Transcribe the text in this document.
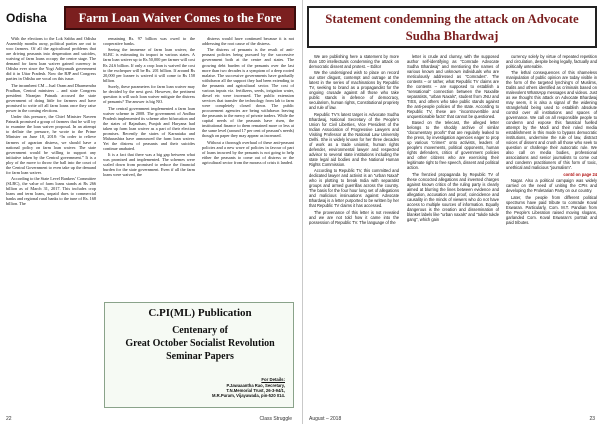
Odisha	Farm Loan Waiver Comes to the Fore

With the elections to the Lok Sabha and Odisha Assembly months away, political parties are out to woo farmers. Of all the agricultural problems that are driving peasants into desperation and suicides, waiving of farm loans occupy the centre stage. The demand for farm loan waiver gained currency in Odisha ever since the Yogi Adityanath government did it in Uttar Pradesh. Now the BJP and Congress parties in Odisha are vocal on this issue.

The incumbent CM – Jual Oram and Dharmendra Pradhan, Central ministers – and state Congress president Niranjan Patnaik accused the state government of doing little for farmers and have promised to write off all farm loans once they raise power in the coming elections.

Under this pressure, the Chief Minister Naveen Patnaik promised a group of farmers that he will try to examine the loan waiver proposal. In an attempt to deflate the pressure, he wrote to the Prime Minister on June 18, 2018: “In order to relieve farmers of agrarian distress, we should have a national policy on farm loan waiver. The state government would be willing to support any initiative taken by the Central government.” It is a ploy of the move to throw the ball into the court of the Central Government to even take up the demand for farm loan waiver.

According to the State Level Bankers’ Committee (SLBC), the value of farm loans stands at Rs 266 billion as of March 31, 2017. This includes crop loans and term loans, unpaid dues to commercial banks and regional rural banks to the tune of Rs. 168 billion. The

remaining Rs. 97 billion was owed to the cooperative banks.

Seeing the immense of farm loan waiver, the SLBC is estimating its impact in various states. A farm loan waiver up to Rs 50,000 per farmer will cost Rs 24.6 billion. If only a crop loan is waived the cost to the exchequer will be Rs. 201 billion. If around Rs 20,000 per loanee is waived it will come to Rs 158 billion.

Surely, these parameters for farm loan waiver may be decided by the next govt. However, the pertinent question is will such loan waiver mitigate the distress of peasants? The answer is big NO.

The central government implemented a farm loan waiver scheme in 2008. The government of Andhra Pradesh implemented its scheme after bifurcation and the states of Rajasthan, Punjab and Haryana had taken up farm loan waiver as a part of their election promises. Recently the states of Karnataka and Maharashtra have announced the farm loan waiver. Yet the distress of peasants and their suicides continue unabated.

It is a fact that there was a big gap between what was promised and implemented. The schemes were scaled down from promised to reduce the financial burden for the state government. Even if all the farm loans were waived, the

distress would have continued because it is not addressing the root cause of the distress.

The distress of peasants is the result of anti-peasant policies being pursued by the successive government both at the centre and states. The growing debt burden of the peasants over the last more than two decades is a symptom of a deep rooted malaise. The successive governments have gradually withdrawn all the support they had been extending to the peasants and agricultural sector. The cost of various inputs viz. fertilizers, seeds, irrigation water, diesel etc were increased. The public extension services that transfer the technology from lab to farm were completely closed down. The public procurement agencies are being withdrawn leaving the peasants to the mercy of private traders. While the capital needs of the peasants have risen, the institutional finance to them remained more or less at the same level (around 17 per cent of peasant’s needs) though on paper they may appear as increased.

Without a thorough overhaul of these anti-peasant policies and a new wave of policies in favour of part of loans incurred by the peasants is not going to help either the peasants to come out of distress or the agricultural sector from the morass of crisis it landed.

C.PI(ML) Publication
Centenary of
Great October Socialist Revolution
Seminar Papers
For Details:
P.Jawaaantha Rao, Secretary,
T.N.Memorial Trust, 26-3-94/1,
M.R.Puram, Vijayawada, pin-520 014.
22	Class Struggle
Statement condemning the attack on Advocate Sudha Bhardwaj

We are publishing here a statement by more than 100 intellectuals condemning the attack on democratic dissent and protest. – Editor

We the undersigned wish to place on record our utter disgust, contempt and outrage at the latest in the series of machinations by Republic TV, seeking to brand as a propagandist for the ongoing crusade against all those who take public stands in defence of democracy, secularism, human rights, Constitutional propriety and rule of law.

Republic TV’s latest target is Advocate Sudha Bhardwaj, National Secretary of the People’s Union for Civil Liberties, Vice President of the Indian Association of Progressive Lawyers and Visiting Professor at the National Law University Delhi. She is widely known for her three decades of work as a trade unionist, human rights defender, environmental lawyer and respected advisor to several state institutions including the state legal aid bodies and the National Human Rights Commission.

According to Republic TV, this committed and dedicated lawyer and activist is an “urban Naxal” who is plotting to break India with separatist groups and armed guerrillas across the country. The basis for the four hour long set of allegations and malicious insinuations against Advocate Bhardwaj is a letter purported to be written by her that Republic TV claims it has accessed.

The provenance of this letter is not revealed and we are not told how it came into the possession of Republic TV. The language of the

letter is crude and clumsy, with the supposed author self-identifying as “Comrade Advocate Sudha Bhardwaj” and mentioning the names of various known and unknown individuals who are meticulously addressed as “Comrades”. The contents – or rather, what Republic TV claims are the contents – are supposed to establish a “sensational” connection between the Naxalite separatists, “urban Naxals”, student from JNU and TISS, and others who take public stands against the anti-people policies of the state. According to Republic TV, these are “incontrovertible and unquestionable facts” that cannot be questioned.

Based on the telecast, the alleged letter belongs to the shoddy archive of similar “documentary proofs” that are regularly leaked to the press, by investigation agencies eager to prop up various “crimes” onto activists, leaders of people’s movements, political opponents, human rights defenders, critics of government policies and other citizens who are exercising their legitimate right to free speech, dissent and political action.

The frenzied propaganda by Republic TV of these concocted allegations and invented charges against known critics of the ruling party is clearly aimed at blurring the lines between evidence and allegation, accusation and proof, coincidence and causality in the minds of viewers who do not have access to multiple sources of information. Equally dangerous is the creation and dissemination of blanket labels like “urban naxals” and “tukde tukde gang”, which gain

currency solely by virtue of repeated repetition and circulation, despite being legally, factually and politically untenable.

The lethal consequences of this shameless manipulation of public opinion are today visible in the form of the targeted lynching’s of Muslims, Dalits and others identified as criminals based on malevolent WhatsApp messages and videos. Just as we thought this attack on Advocate Bhardwaj may seem, it is also a signal of the widening stranglehold being used to establish absolute control over all institutions and spaces of governance. We call on all responsible people to condemn and expose this fanatical fuelled attempt by the Modi and their ruled media establishment in this mode to bypass democratic institutions, undermine the rule of law, distract voices of dissent and crush all those who seek to question or challenge their autocratic rule. We also call on media bodies, professional associations and senior journalists to come out and condemn practitioners of this form of toxic, unethical and malicious “journalism”.

contd on page 24

Nagar. Also a political campaign was widely carried on the need of uniting the CPIs and developing the Proletarian Party on our country.

Later, the people from different political spectrums have paid tribute to comrade Koval Eswaran. Particularly, Com. M.T. Pandian from the People’s Liberation raised moving slogans, garlanded Com. Koval Eswaran’s portrait and paid tributes.

August – 2018	23
